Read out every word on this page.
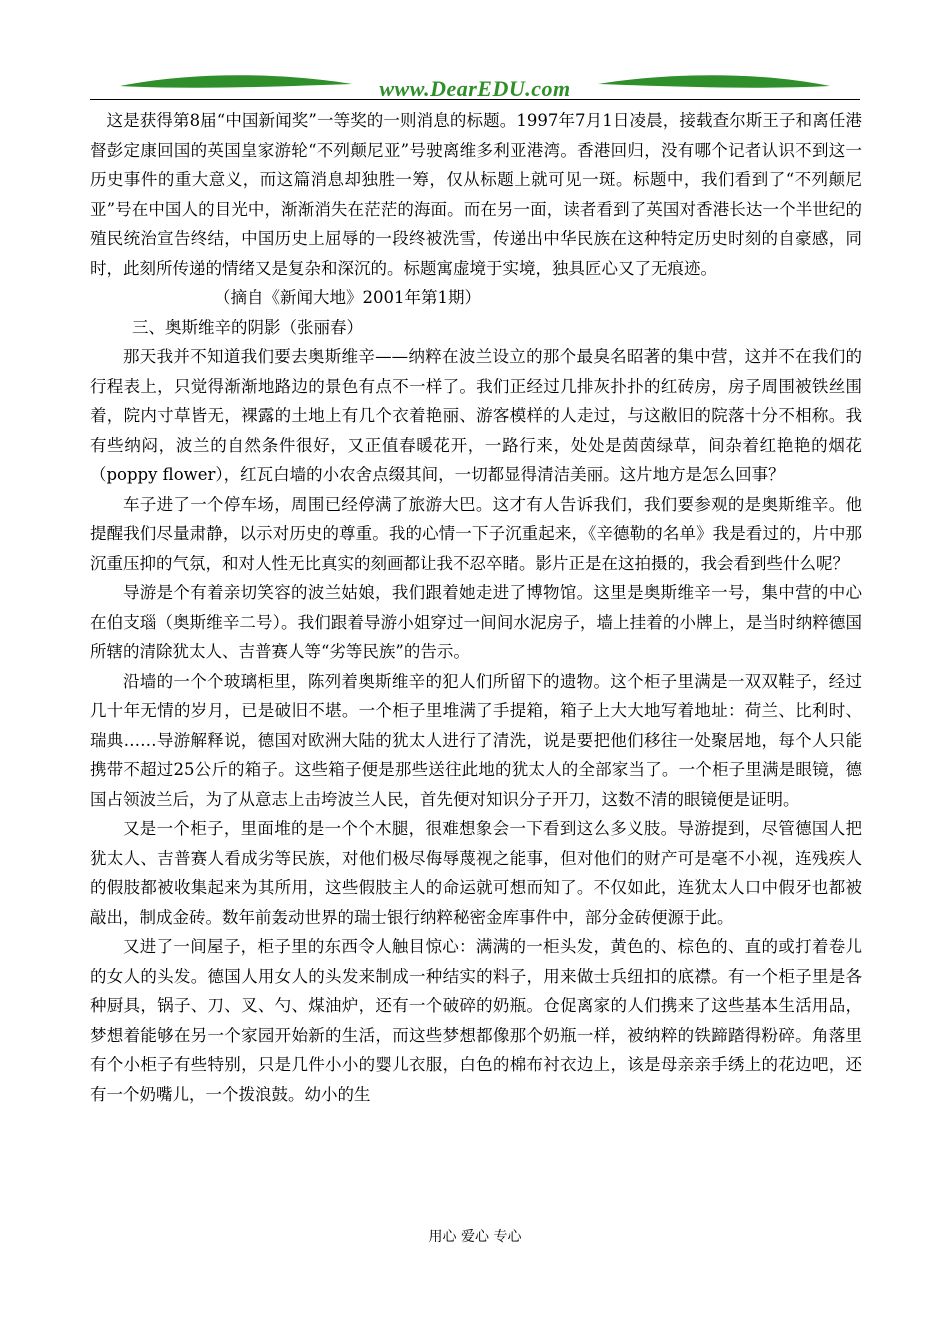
www.DearEDU.com

这是获得第8届“中国新闻奖”一等奖的一则消息的标题。1997年7月1日凌晨，接载查尔斯王子和离任港督彭定康回国的英国皇家游轮“不列颠尼亚”号驶离维多利亚港湾。香港回归，没有哪个记者认识不到这一历史事件的重大意义，而这篇消息却独胜一筹，仅从标题上就可见一斑。标题中，我们看到了“不列颠尼亚”号在中国人的目光中，渐渐消失在茫茫的海面。而在另一面，读者看到了英国对香港长达一个半世纪的殖民统治宣告终结，中国历史上屈辱的一段终被洗雪，传递出中华民族在这种特定历史时刻的自豪感，同时，此刻所传递的情绪又是复杂和深沉的。标题寓虚境于实境，独具匠心又了无痕迹。

（摘自《新闻大地》2001年第1期）

三、奥斯维辛的阴影（张丽春）

那天我并不知道我们要去奥斯维辛——纳粹在波兰设立的那个最臭名昭著的集中营，这并不在我们的行程表上，只觉得渐渐地路边的景色有点不一样了。我们正经过几排灰扑扑的红砖房，房子周围被铁丝围着，院内寸草皆无，裸露的土地上有几个衣着艳丽、游客模样的人走过，与这敝旧的院落十分不相称。我有些纳闷，波兰的自然条件很好，又正值春暖花开，一路行来，处处是茵茵绿草，间杂着红艳艳的烟花（poppy flower），红瓦白墙的小农舍点缀其间，一切都显得清洁美丽。这片地方是怎么回事？

车子进了一个停车场，周围已经停满了旅游大巴。这才有人告诉我们，我们要参观的是奥斯维辛。他提醒我们尽量肃静，以示对历史的尊重。我的心情一下子沉重起来，《辛德勒的名单》我是看过的，片中那沉重压抑的气氛，和对人性无比真实的刻画都让我不忍卒睹。影片正是在这拍摄的，我会看到些什么呢？

导游是个有着亲切笑容的波兰姑娘，我们跟着她走进了博物馆。这里是奥斯维辛一号，集中营的中心在伯支瑙（奥斯维辛二号）。我们跟着导游小姐穿过一间间水泥房子，墙上挂着的小牌上，是当时纳粹德国所辖的清除犹太人、吉普赛人等“劣等民族”的告示。

沿墙的一个个玻璃柜里，陈列着奥斯维辛的犯人们所留下的遗物。这个柜子里满是一双双鞋子，经过几十年无情的岁月，已是破旧不堪。一个柜子里堆满了手提箱，箱子上大大地写着地址：荷兰、比利时、瑞典……导游解释说，德国对欧洲大陆的犹太人进行了清洗，说是要把他们移往一处聚居地，每个人只能携带不超过25公斤的箱子。这些箱子便是那些送往此地的犹太人的全部家当了。一个柜子里满是眼镜，德国占领波兰后，为了从意志上击垮波兰人民，首先便对知识分子开刀，这数不清的眼镜便是证明。

又是一个柜子，里面堆的是一个个木腿，很难想象会一下看到这么多义肢。导游提到，尽管德国人把犹太人、吉普赛人看成劣等民族，对他们极尽侮辱蔑视之能事，但对他们的财产可是毫不小视，连残疾人的假肢都被收集起来为其所用，这些假肢主人的命运就可想而知了。不仅如此，连犹太人口中假牙也都被敲出，制成金砖。数年前轰动世界的瑞士银行纳粹秘密金库事件中，部分金砖便源于此。

又进了一间屋子，柜子里的东西令人触目惊心：满满的一柜头发，黄色的、棕色的、直的或打着卷儿的女人的头发。德国人用女人的头发来制成一种结实的料子，用来做士兵纽扣的底襟。有一个柜子里是各种厨具，锅子、刀、叉、勺、煤油炉，还有一个破碎的奶瓶。仓促离家的人们携来了这些基本生活用品，梦想着能够在另一个家园开始新的生活，而这些梦想都像那个奶瓶一样，被纳粹的铁蹄踏得粉碎。角落里有个小柜子有些特别，只是几件小小的婴儿衣服，白色的棉布衬衣边上，该是母亲亲手绣上的花边吧，还有一个奶嘴儿，一个拨浪鼓。幼小的生

用心 爱心 专心
